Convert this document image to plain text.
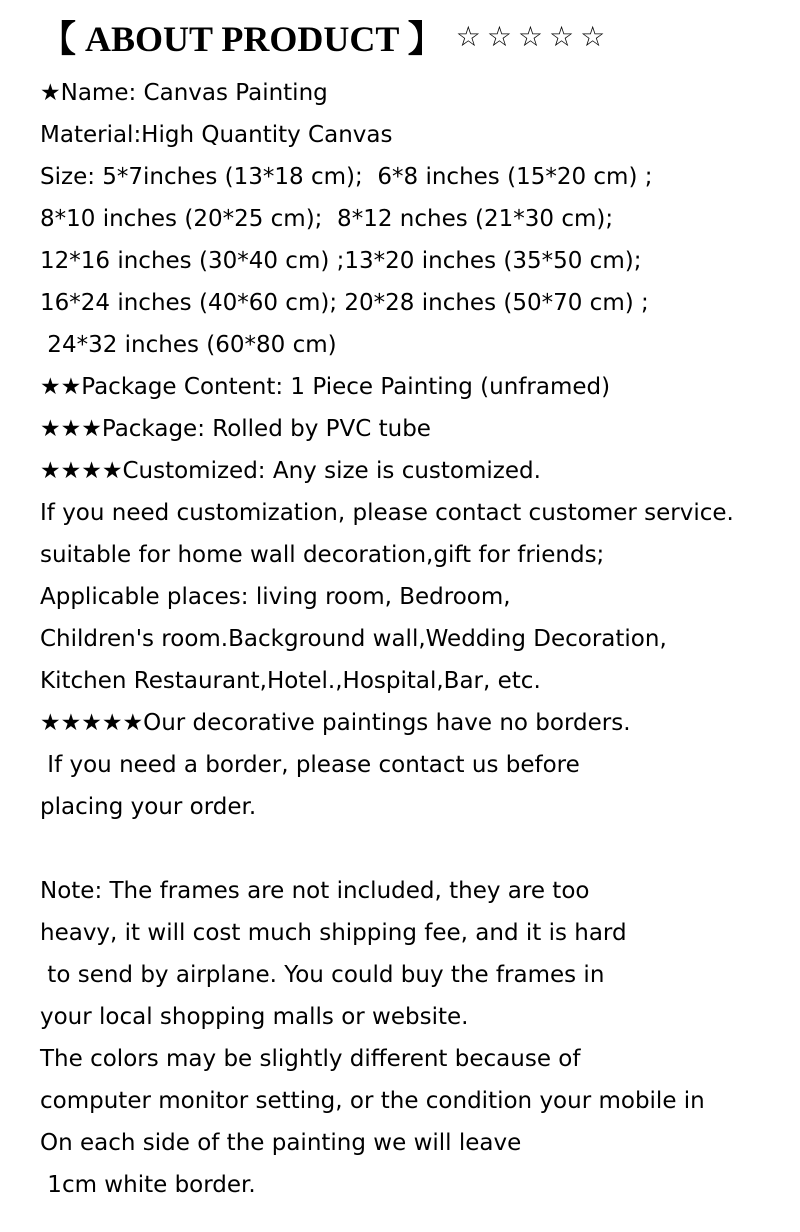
【 ABOUT PRODUCT 】 ☆☆☆☆☆
★Name: Canvas Painting
Material:High Quantity Canvas
Size: 5*7inches (13*18 cm);  6*8 inches (15*20 cm) ;
8*10 inches (20*25 cm);  8*12 nches (21*30 cm);
12*16 inches (30*40 cm) ;13*20 inches (35*50 cm);
16*24 inches (40*60 cm); 20*28 inches (50*70 cm) ;
24*32 inches (60*80 cm)
★★Package Content: 1 Piece Painting (unframed)
★★★Package: Rolled by PVC tube
★★★★Customized: Any size is customized.
If you need customization, please contact customer service.
suitable for home wall decoration,gift for friends;
Applicable places: living room, Bedroom,
Children's room.Background wall,Wedding Decoration,
Kitchen Restaurant,Hotel.,Hospital,Bar, etc.
★★★★★Our decorative paintings have no borders.
If you need a border, please contact us before
placing your order.
Note: The frames are not included, they are too
heavy, it will cost much shipping fee, and it is hard
to send by airplane. You could buy the frames in
your local shopping malls or website.
The colors may be slightly different because of
computer monitor setting, or the condition your mobile in
On each side of the painting we will leave
1cm white border.
